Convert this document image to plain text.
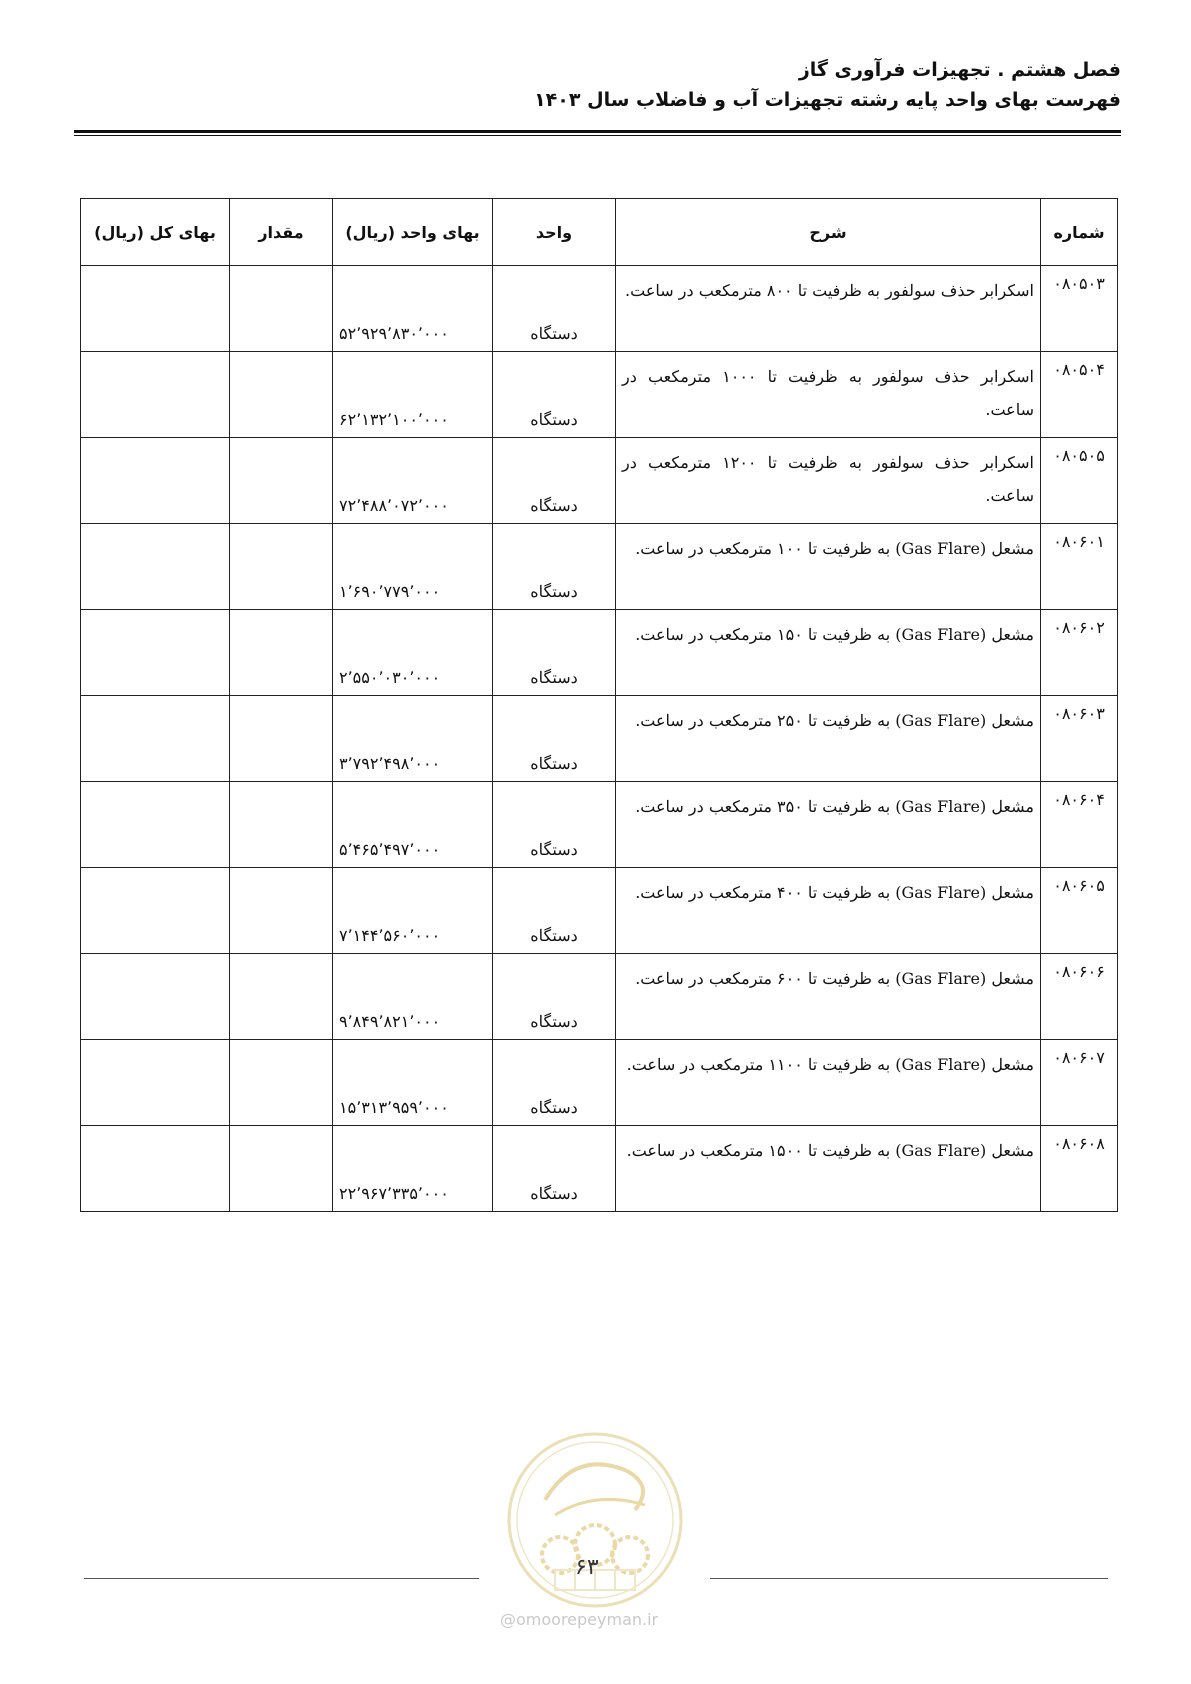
فصل هشتم . تجهیزات فرآوری گاز
فهرست بهای واحد پایه رشته تجهیزات آب و فاضلاب سال ۱۴۰۳
شماره	شرح	واحد	بهای واحد (ریال)	مقدار	بهای کل (ریال)
۰۸۰۵۰۳	اسکرابر حذف سولفور به ظرفیت تا ۸۰۰ مترمکعب در ساعت.	دستگاه	۵۲٬۹۲۹٬۸۳۰٬۰۰۰		
۰۸۰۵۰۴	اسکرابر حذف سولفور به ظرفیت تا ۱۰۰۰ مترمکعب در ساعت.	دستگاه	۶۲٬۱۳۲٬۱۰۰٬۰۰۰		
۰۸۰۵۰۵	اسکرابر حذف سولفور به ظرفیت تا ۱۲۰۰ مترمکعب در ساعت.	دستگاه	۷۲٬۴۸۸٬۰۷۲٬۰۰۰		
۰۸۰۶۰۱	مشعل (Gas Flare) به ظرفیت تا ۱۰۰ مترمکعب در ساعت.	دستگاه	۱٬۶۹۰٬۷۷۹٬۰۰۰		
۰۸۰۶۰۲	مشعل (Gas Flare) به ظرفیت تا ۱۵۰ مترمکعب در ساعت.	دستگاه	۲٬۵۵۰٬۰۳۰٬۰۰۰		
۰۸۰۶۰۳	مشعل (Gas Flare) به ظرفیت تا ۲۵۰ مترمکعب در ساعت.	دستگاه	۳٬۷۹۲٬۴۹۸٬۰۰۰		
۰۸۰۶۰۴	مشعل (Gas Flare) به ظرفیت تا ۳۵۰ مترمکعب در ساعت.	دستگاه	۵٬۴۶۵٬۴۹۷٬۰۰۰		
۰۸۰۶۰۵	مشعل (Gas Flare) به ظرفیت تا ۴۰۰ مترمکعب در ساعت.	دستگاه	۷٬۱۴۴٬۵۶۰٬۰۰۰		
۰۸۰۶۰۶	مشعل (Gas Flare) به ظرفیت تا ۶۰۰ مترمکعب در ساعت.	دستگاه	۹٬۸۴۹٬۸۲۱٬۰۰۰		
۰۸۰۶۰۷	مشعل (Gas Flare) به ظرفیت تا ۱۱۰۰ مترمکعب در ساعت.	دستگاه	۱۵٬۳۱۳٬۹۵۹٬۰۰۰		
۰۸۰۶۰۸	مشعل (Gas Flare) به ظرفیت تا ۱۵۰۰ مترمکعب در ساعت.	دستگاه	۲۲٬۹۶۷٬۳۳۵٬۰۰۰		
۶۳
@omoorepeyman.ir
